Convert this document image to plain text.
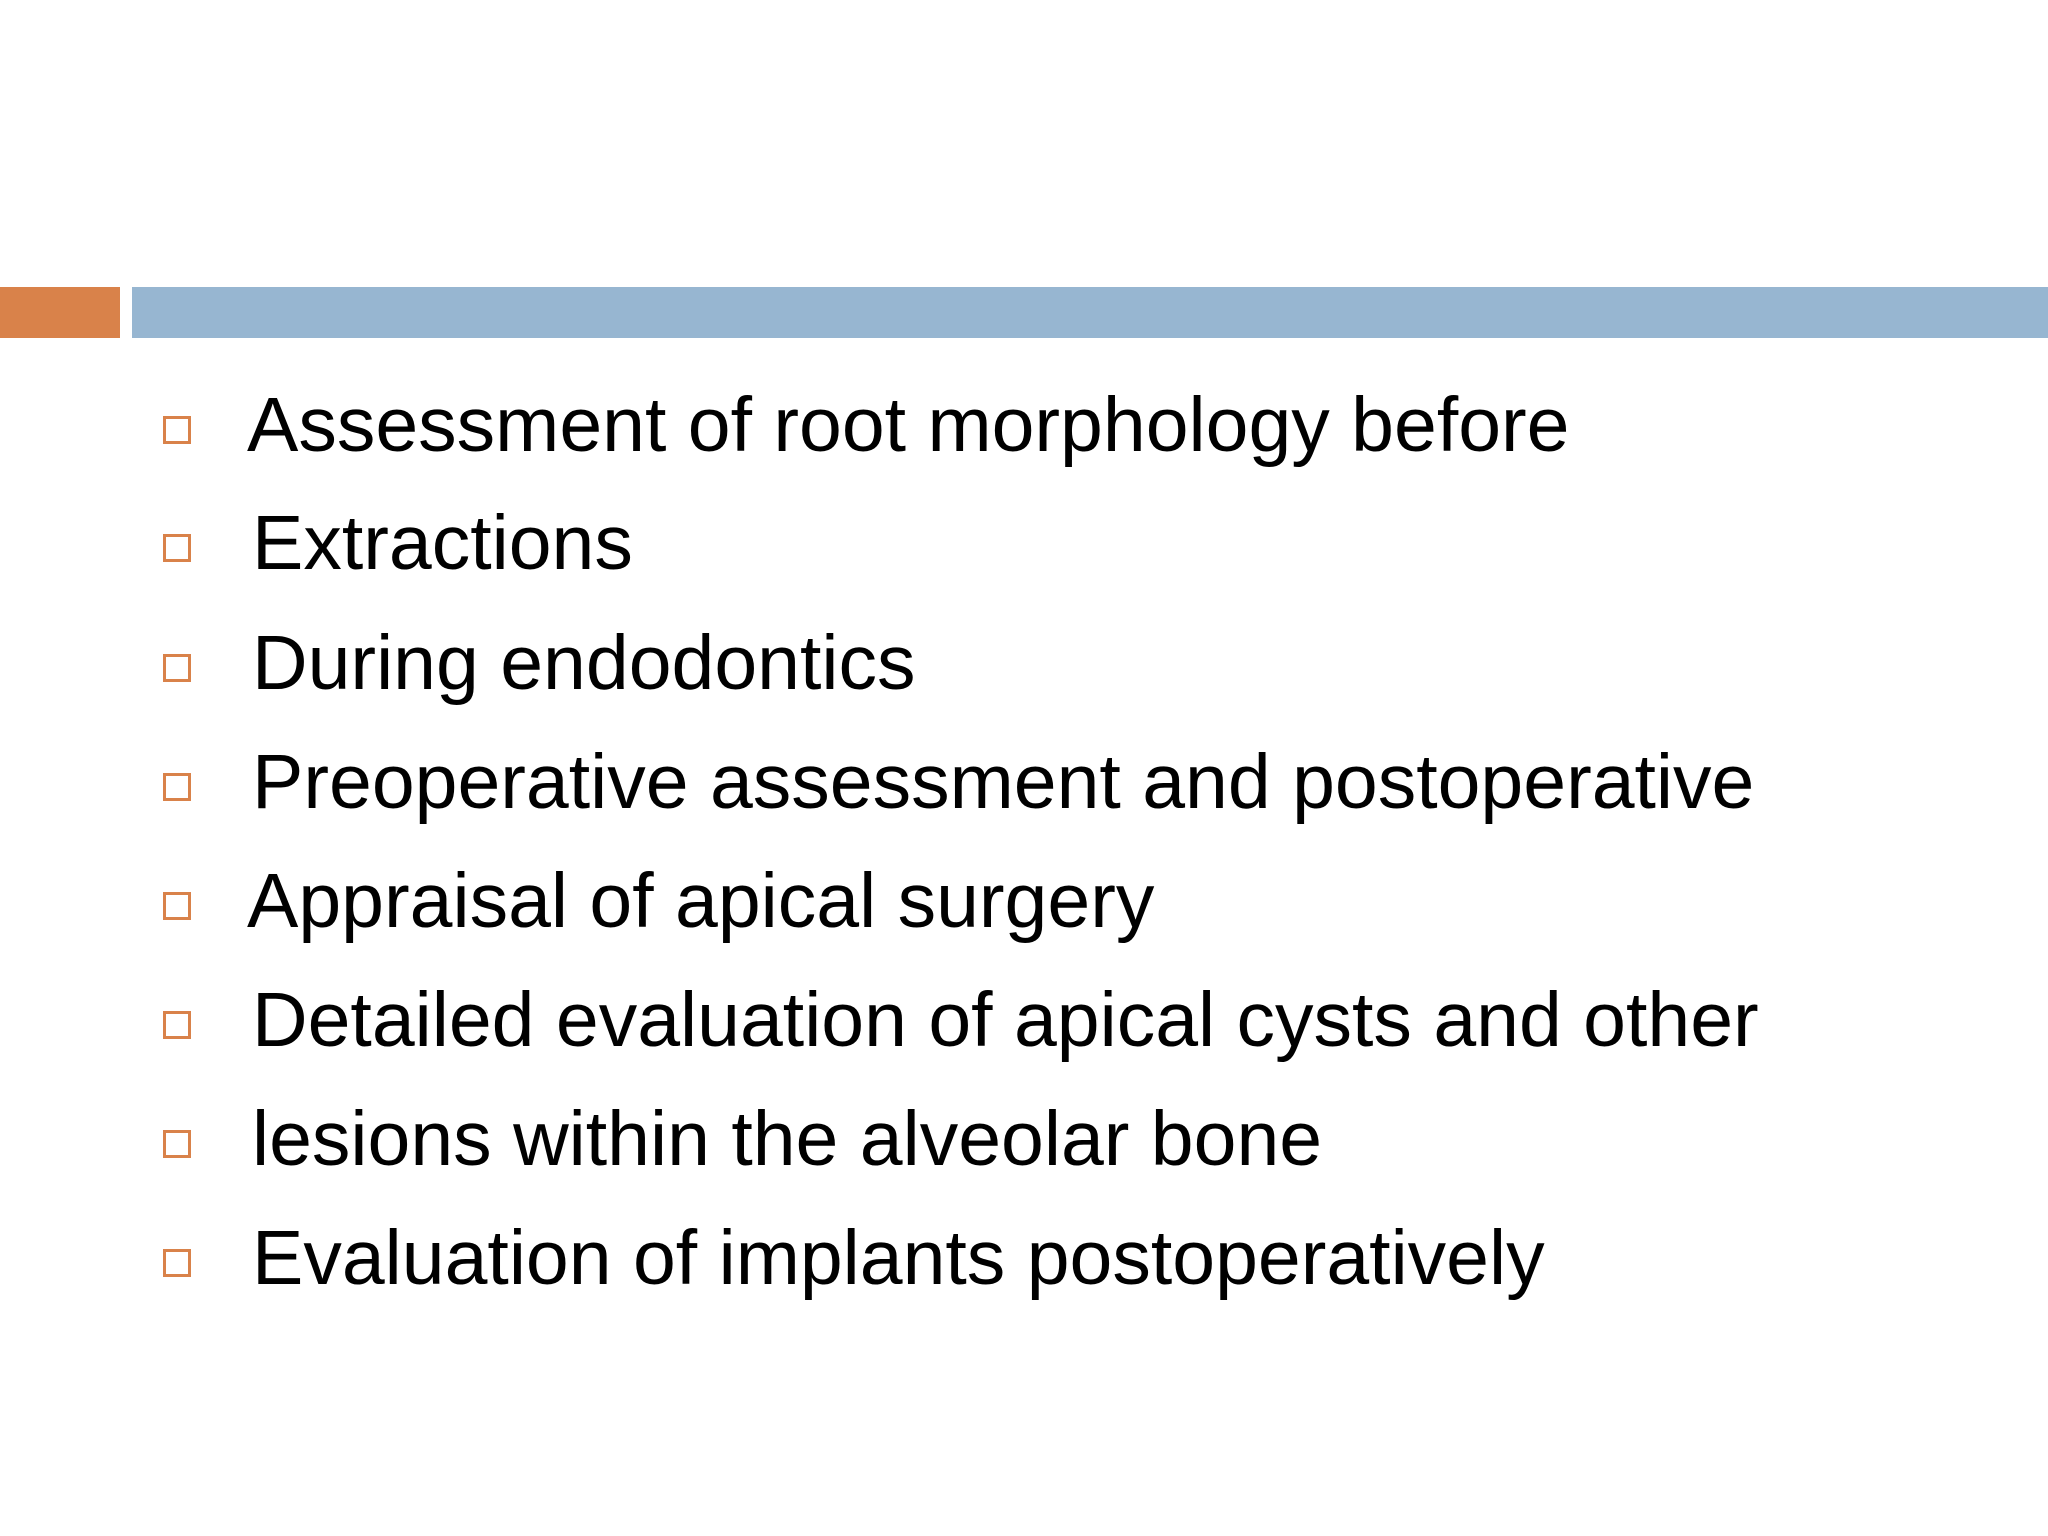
Assessment of root morphology before
Extractions
During endodontics
Preoperative assessment and postoperative
Appraisal of apical surgery
Detailed evaluation of apical cysts and other
lesions within the alveolar bone
Evaluation of implants postoperatively
